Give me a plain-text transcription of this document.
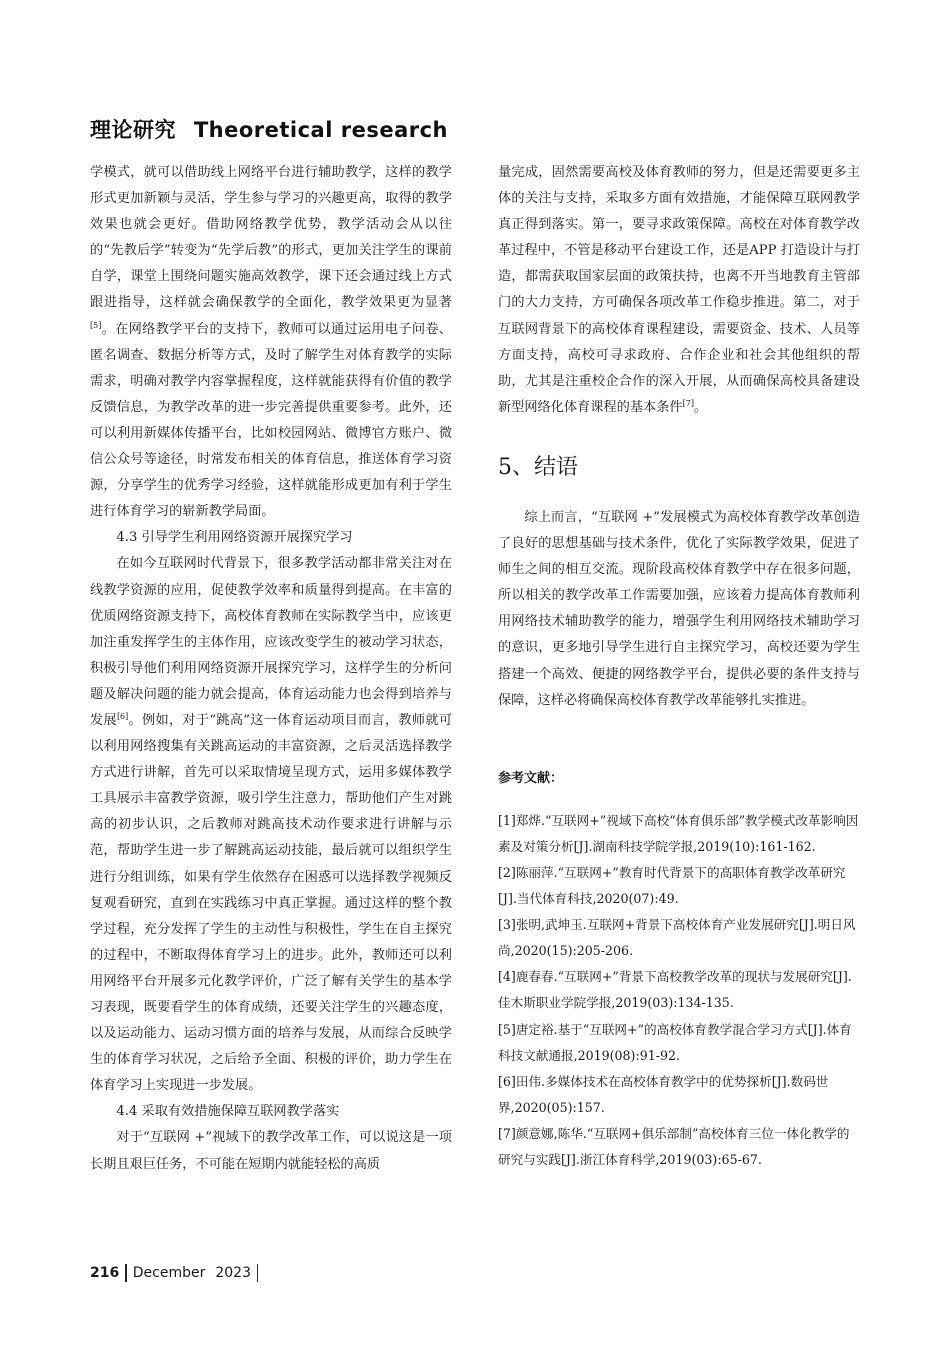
理论研究 Theoretical research

学模式，就可以借助线上网络平台进行辅助教学，这样的教学形式更加新颖与灵活，学生参与学习的兴趣更高，取得的教学效果也就会更好。借助网络教学优势，教学活动会从以往的“先教后学”转变为“先学后教”的形式，更加关注学生的课前自学，课堂上围绕问题实施高效教学，课下还会通过线上方式跟进指导，这样就会确保教学的全面化，教学效果更为显著[5]。在网络教学平台的支持下，教师可以通过运用电子问卷、匿名调查、数据分析等方式，及时了解学生对体育教学的实际需求，明确对教学内容掌握程度，这样就能获得有价值的教学反馈信息，为教学改革的进一步完善提供重要参考。此外，还可以利用新媒体传播平台，比如校园网站、微博官方账户、微信公众号等途径，时常发布相关的体育信息，推送体育学习资源，分享学生的优秀学习经验，这样就能形成更加有利于学生进行体育学习的崭新教学局面。

4.3 引导学生利用网络资源开展探究学习

在如今互联网时代背景下，很多教学活动都非常关注对在线教学资源的应用，促使教学效率和质量得到提高。在丰富的优质网络资源支持下，高校体育教师在实际教学当中，应该更加注重发挥学生的主体作用，应该改变学生的被动学习状态，积极引导他们利用网络资源开展探究学习，这样学生的分析问题及解决问题的能力就会提高，体育运动能力也会得到培养与发展[6]。例如，对于“跳高”这一体育运动项目而言，教师就可以利用网络搜集有关跳高运动的丰富资源，之后灵活选择教学方式进行讲解，首先可以采取情境呈现方式，运用多媒体教学工具展示丰富教学资源，吸引学生注意力，帮助他们产生对跳高的初步认识，之后教师对跳高技术动作要求进行讲解与示范，帮助学生进一步了解跳高运动技能，最后就可以组织学生进行分组训练，如果有学生依然存在困惑可以选择教学视频反复观看研究，直到在实践练习中真正掌握。通过这样的整个教学过程，充分发挥了学生的主动性与积极性，学生在自主探究的过程中，不断取得体育学习上的进步。此外，教师还可以利用网络平台开展多元化教学评价，广泛了解有关学生的基本学习表现，既要看学生的体育成绩，还要关注学生的兴趣态度，以及运动能力、运动习惯方面的培养与发展，从而综合反映学生的体育学习状况，之后给予全面、积极的评价，助力学生在体育学习上实现进一步发展。

4.4 采取有效措施保障互联网教学落实

对于“互联网 +”视域下的教学改革工作，可以说这是一项长期且艰巨任务，不可能在短期内就能轻松的高质

量完成，固然需要高校及体育教师的努力，但是还需要更多主体的关注与支持，采取多方面有效措施，才能保障互联网教学真正得到落实。第一，要寻求政策保障。高校在对体育教学改革过程中，不管是移动平台建设工作，还是APP 打造设计与打造，都需获取国家层面的政策扶持，也离不开当地教育主管部门的大力支持，方可确保各项改革工作稳步推进。第二，对于互联网背景下的高校体育课程建设，需要资金、技术、人员等方面支持，高校可寻求政府、合作企业和社会其他组织的帮助，尤其是注重校企合作的深入开展，从而确保高校具备建设新型网络化体育课程的基本条件[7]。

5、结语

综上而言，“互联网 +”发展模式为高校体育教学改革创造了良好的思想基础与技术条件，优化了实际教学效果，促进了师生之间的相互交流。现阶段高校体育教学中存在很多问题，所以相关的教学改革工作需要加强，应该着力提高体育教师利用网络技术辅助教学的能力，增强学生利用网络技术辅助学习的意识，更多地引导学生进行自主探究学习，高校还要为学生搭建一个高效、便捷的网络教学平台，提供必要的条件支持与保障，这样必将确保高校体育教学改革能够扎实推进。

参考文献：

[1]郑烨.“互联网+”视域下高校“体育俱乐部”教学模式改革影响因素及对策分析[J].湖南科技学院学报,2019(10):161-162.

[2]陈丽萍.“互联网+”教育时代背景下的高职体育教学改革研究[J].当代体育科技,2020(07):49.

[3]张明,武坤玉.互联网+背景下高校体育产业发展研究[J].明日风尚,2020(15):205-206.

[4]鹿春春.“互联网+”背景下高校教学改革的现状与发展研究[J].佳木斯职业学院学报,2019(03):134-135.

[5]唐定裕.基于“互联网+”的高校体育教学混合学习方式[J].体育科技文献通报,2019(08):91-92.

[6]田伟.多媒体技术在高校体育教学中的优势探析[J].数码世界,2020(05):157.

[7]颜意娜,陈华.“互联网+俱乐部制”高校体育三位一体化教学的研究与实践[J].浙江体育科学,2019(03):65-67.

216 December 2023
